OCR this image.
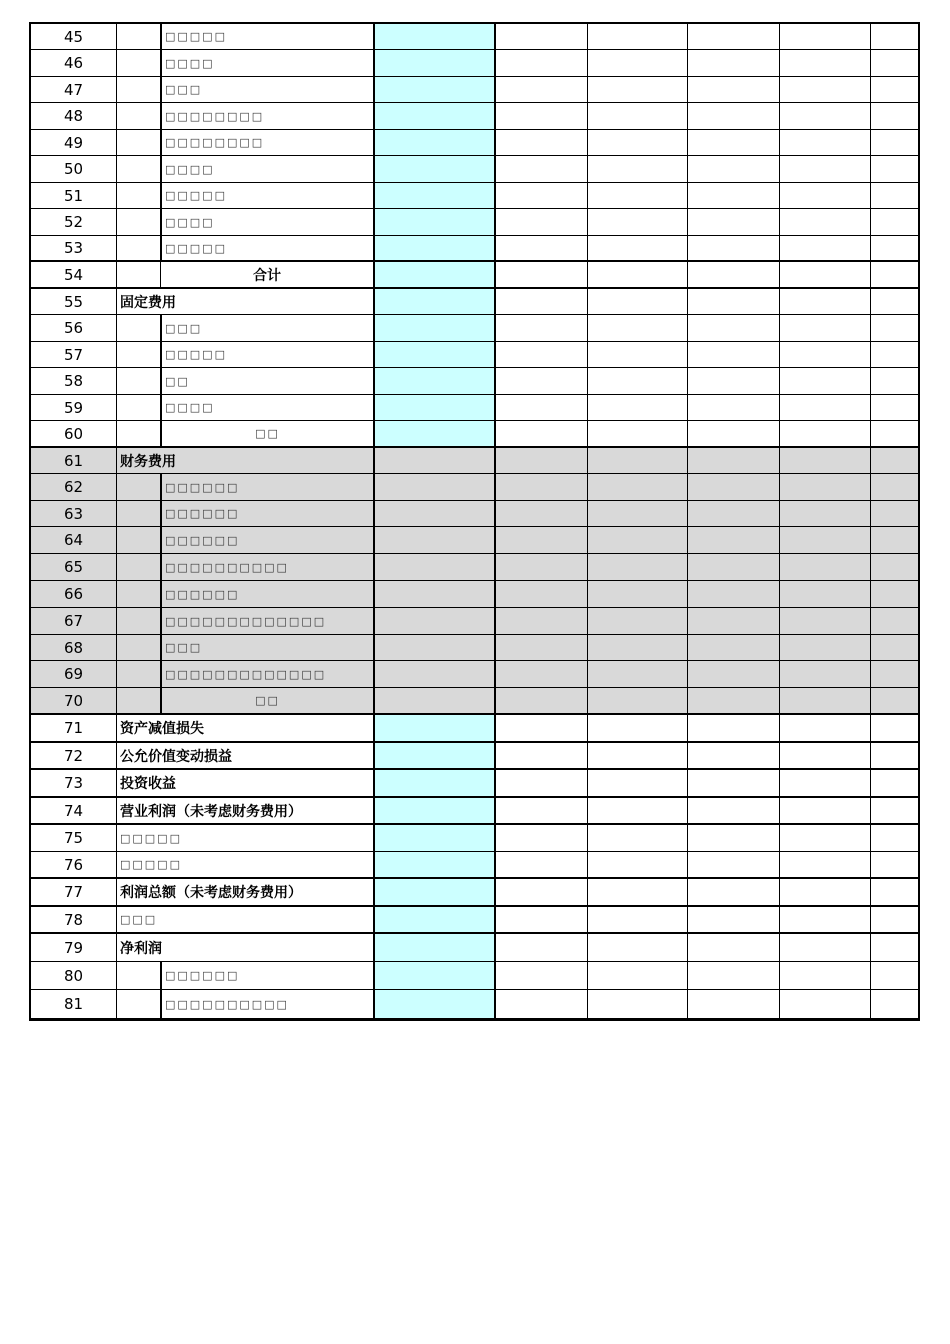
45	□□□□□
46	□□□□
47	□□□
48	□□□□□□□□
49	□□□□□□□□
50	□□□□
51	□□□□□
52	□□□□
53	□□□□□
54	合计
55	固定费用
56	□□□
57	□□□□□
58	□□
59	□□□□
60	□□
61	财务费用
62	□□□□□□
63	□□□□□□
64	□□□□□□
65	□□□□□□□□□□
66	□□□□□□
67	□□□□□□□□□□□□□
68	□□□
69	□□□□□□□□□□□□□
70	□□
71	资产减值损失
72	公允价值变动损益
73	投资收益
74	营业利润（未考虑财务费用）
75	□□□□□
76	□□□□□
77	利润总额（未考虑财务费用）
78	□□□
79	净利润
80	□□□□□□
81	□□□□□□□□□□
